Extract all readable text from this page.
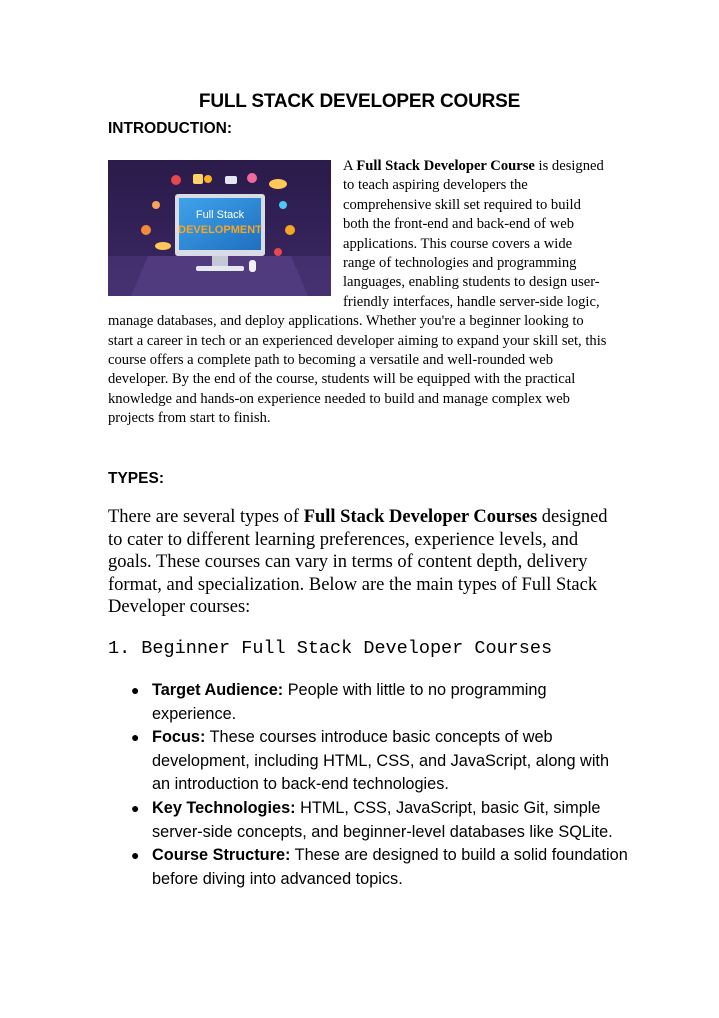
FULL STACK DEVELOPER COURSE
INTRODUCTION:
Full Stack
DEVELOPMENT
A Full Stack Developer Course is designed to teach aspiring developers the comprehensive skill set required to build both the front-end and back-end of web applications. This course covers a wide range of technologies and programming languages, enabling students to design user-friendly interfaces, handle server-side logic, manage databases, and deploy applications. Whether you're a beginner looking to start a career in tech or an experienced developer aiming to expand your skill set, this course offers a complete path to becoming a versatile and well-rounded web developer. By the end of the course, students will be equipped with the practical knowledge and hands-on experience needed to build and manage complex web projects from start to finish.
TYPES:
There are several types of Full Stack Developer Courses designed to cater to different learning preferences, experience levels, and goals. These courses can vary in terms of content depth, delivery format, and specialization. Below are the main types of Full Stack Developer courses:
1. Beginner Full Stack Developer Courses
● Target Audience: People with little to no programming experience.
● Focus: These courses introduce basic concepts of web development, including HTML, CSS, and JavaScript, along with an introduction to back-end technologies.
● Key Technologies: HTML, CSS, JavaScript, basic Git, simple server-side concepts, and beginner-level databases like SQLite.
● Course Structure: These are designed to build a solid foundation before diving into advanced topics.
